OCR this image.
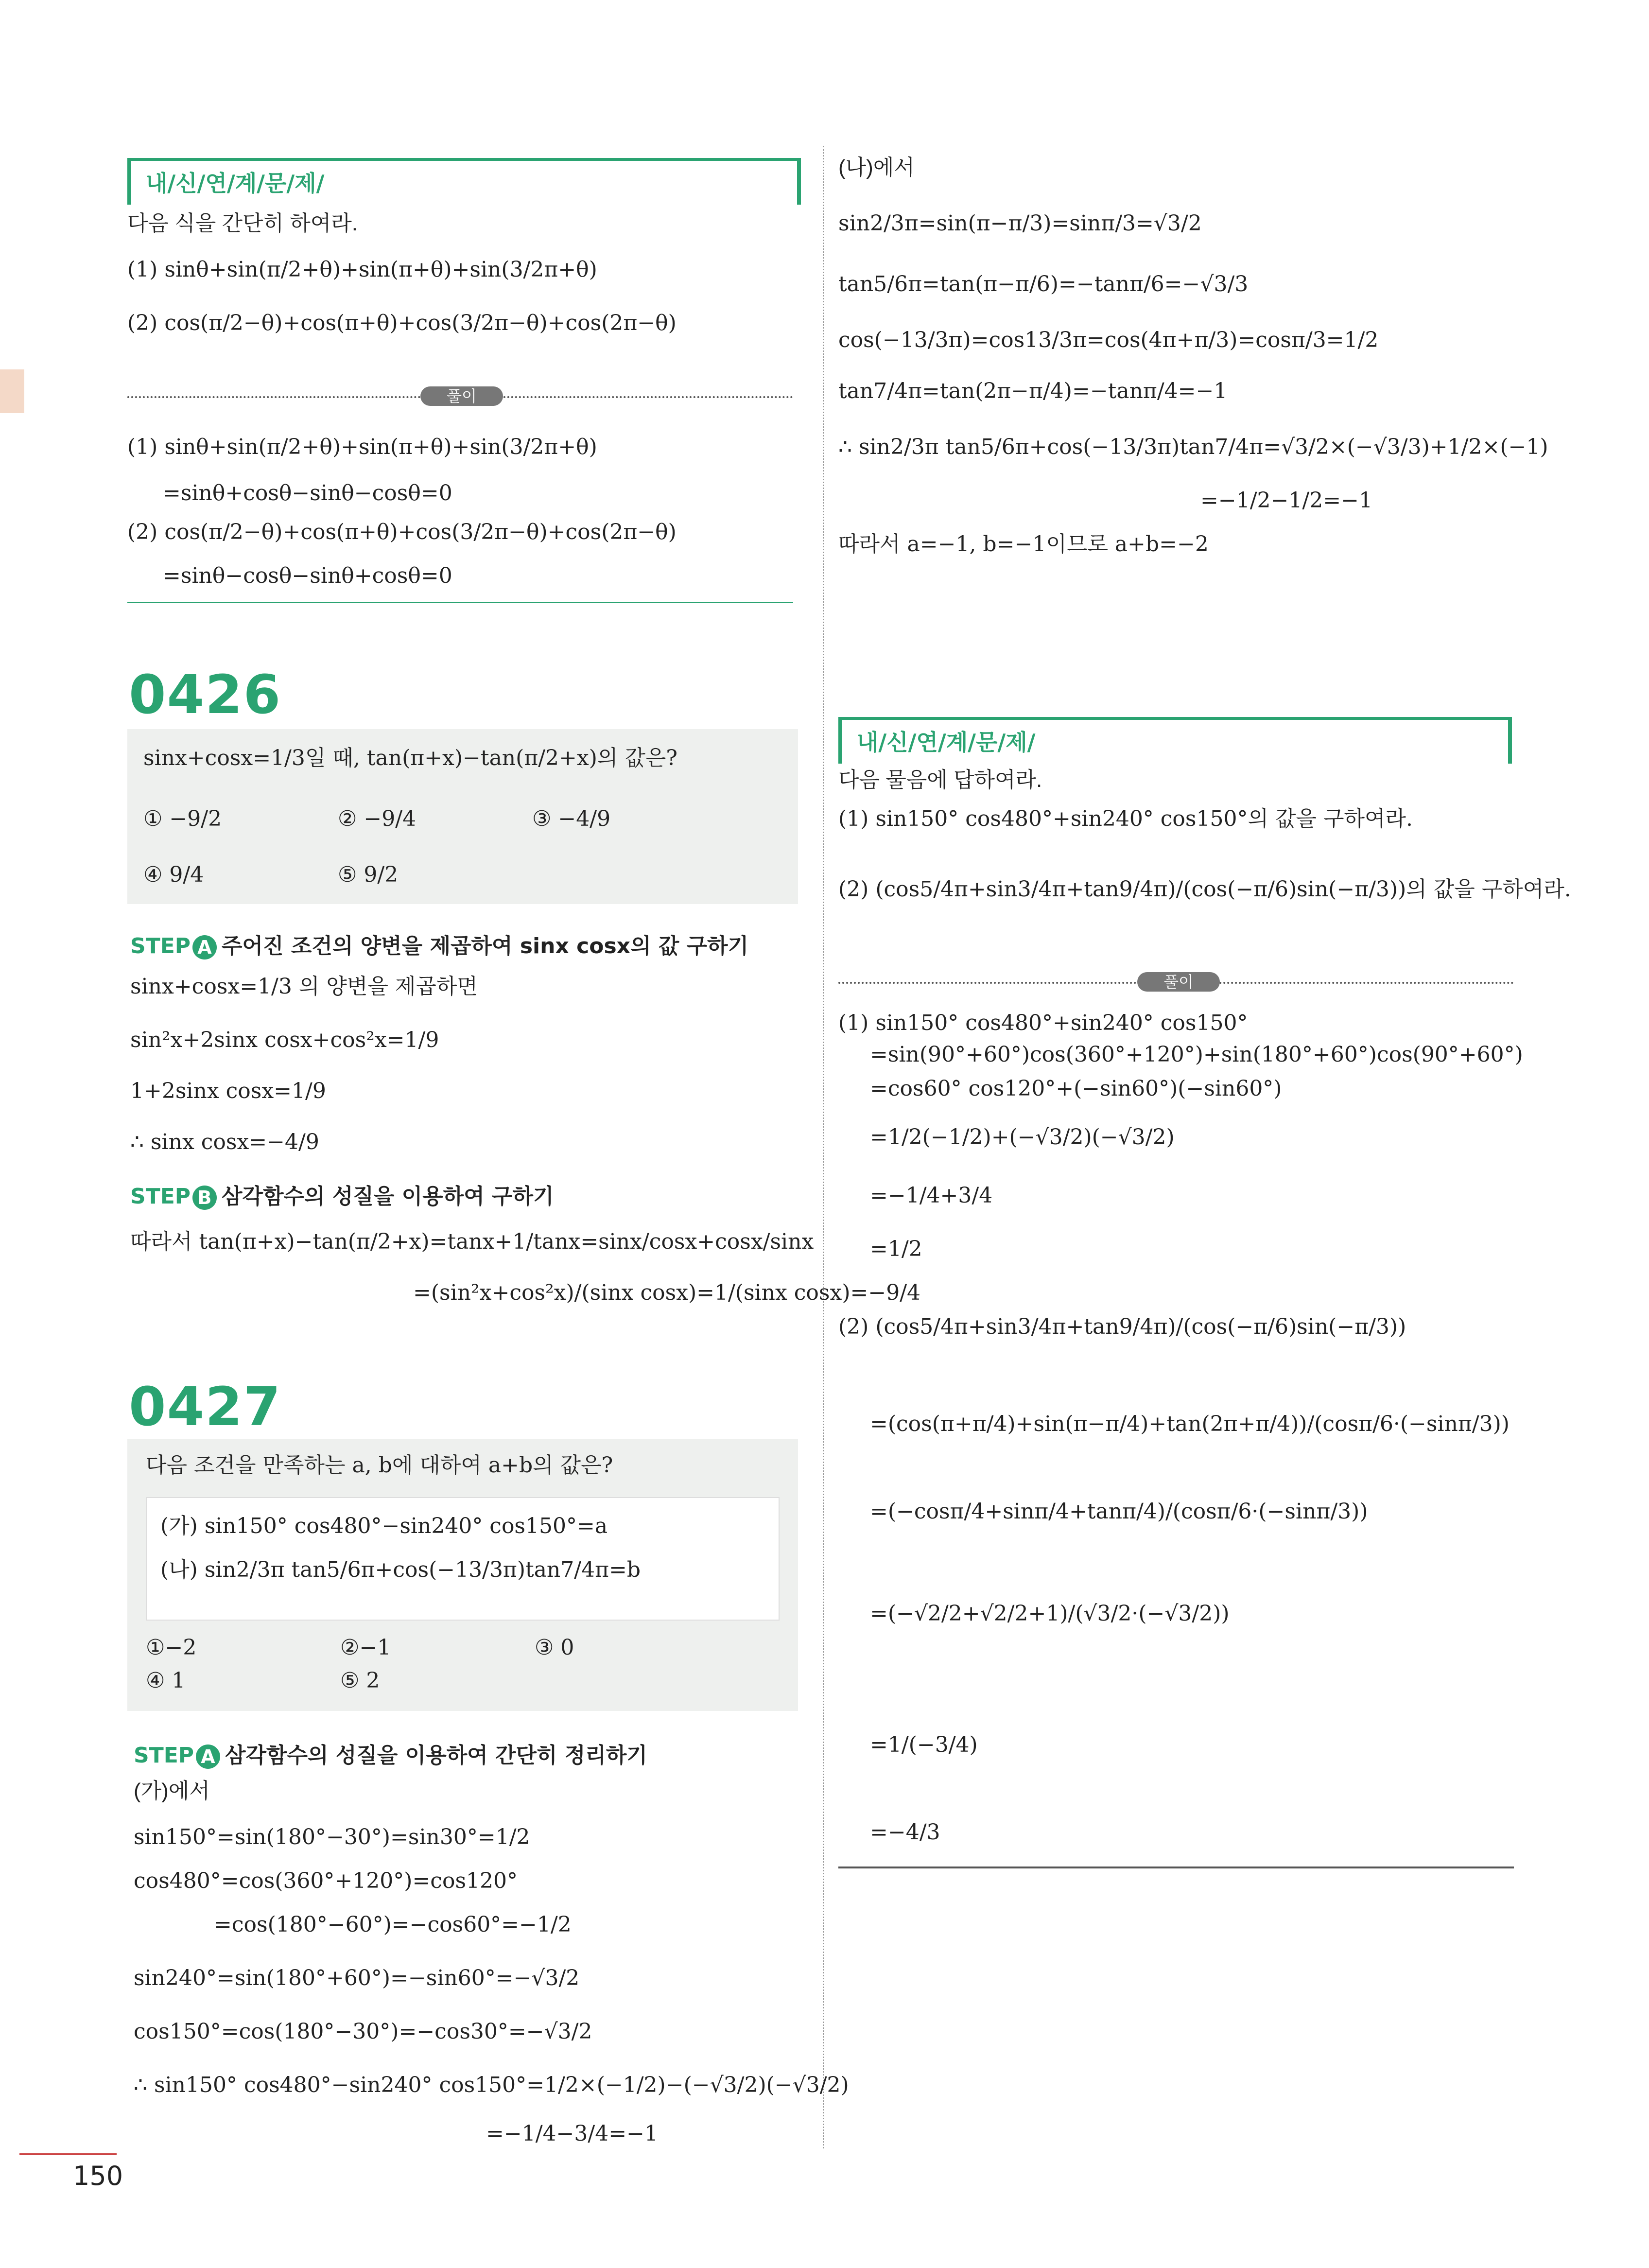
내/신/연/계/문/제/
다음 식을 간단히 하여라.
(1) sinθ+sin(π/2+θ)+sin(π+θ)+sin(3/2π+θ)
(2) cos(π/2−θ)+cos(π+θ)+cos(3/2π−θ)+cos(2π−θ)
풀이
(1) sinθ+sin(π/2+θ)+sin(π+θ)+sin(3/2π+θ)
=sinθ+cosθ−sinθ−cosθ=0
(2) cos(π/2−θ)+cos(π+θ)+cos(3/2π−θ)+cos(2π−θ)
=sinθ−cosθ−sinθ+cosθ=0
0426
sinx+cosx=1/3일 때, tan(π+x)−tan(π/2+x)의 값은?
① −9/2	② −9/4	③ −4/9
④ 9/4	⑤ 9/2
STEP A 주어진 조건의 양변을 제곱하여 sinx cosx의 값 구하기
sinx+cosx=1/3 의 양변을 제곱하면
sin²x+2sinx cosx+cos²x=1/9
1+2sinx cosx=1/9
∴ sinx cosx=−4/9
STEP B 삼각함수의 성질을 이용하여 구하기
따라서 tan(π+x)−tan(π/2+x)=tanx+1/tanx=sinx/cosx+cosx/sinx
=(sin²x+cos²x)/(sinx cosx)=1/(sinx cosx)=−9/4
0427
다음 조건을 만족하는 a, b에 대하여 a+b의 값은?
(가) sin150° cos480°−sin240° cos150°=a
(나) sin2/3π tan5/6π+cos(−13/3π)tan7/4π=b
①−2	②−1	③ 0
④ 1	⑤ 2
STEP A 삼각함수의 성질을 이용하여 간단히 정리하기
(가)에서
sin150°=sin(180°−30°)=sin30°=1/2
cos480°=cos(360°+120°)=cos120°
=cos(180°−60°)=−cos60°=−1/2
sin240°=sin(180°+60°)=−sin60°=−√3/2
cos150°=cos(180°−30°)=−cos30°=−√3/2
∴ sin150° cos480°−sin240° cos150°=1/2×(−1/2)−(−√3/2)(−√3/2)
=−1/4−3/4=−1
(나)에서
sin2/3π=sin(π−π/3)=sinπ/3=√3/2
tan5/6π=tan(π−π/6)=−tanπ/6=−√3/3
cos(−13/3π)=cos13/3π=cos(4π+π/3)=cosπ/3=1/2
tan7/4π=tan(2π−π/4)=−tanπ/4=−1
∴ sin2/3π tan5/6π+cos(−13/3π)tan7/4π=√3/2×(−√3/3)+1/2×(−1)
=−1/2−1/2=−1
따라서 a=−1, b=−1이므로 a+b=−2
내/신/연/계/문/제/
다음 물음에 답하여라.
(1) sin150° cos480°+sin240° cos150°의 값을 구하여라.
(2) (cos5/4π+sin3/4π+tan9/4π)/(cos(−π/6)sin(−π/3))의 값을 구하여라.
풀이
(1) sin150° cos480°+sin240° cos150°
=sin(90°+60°)cos(360°+120°)+sin(180°+60°)cos(90°+60°)
=cos60° cos120°+(−sin60°)(−sin60°)
=1/2(−1/2)+(−√3/2)(−√3/2)
=−1/4+3/4
=1/2
(2) (cos5/4π+sin3/4π+tan9/4π)/(cos(−π/6)sin(−π/3))
=(cos(π+π/4)+sin(π−π/4)+tan(2π+π/4))/(cosπ/6·(−sinπ/3))
=(−cosπ/4+sinπ/4+tanπ/4)/(cosπ/6·(−sinπ/3))
=(−√2/2+√2/2+1)/(√3/2·(−√3/2))
=1/(−3/4)
=−4/3
150
